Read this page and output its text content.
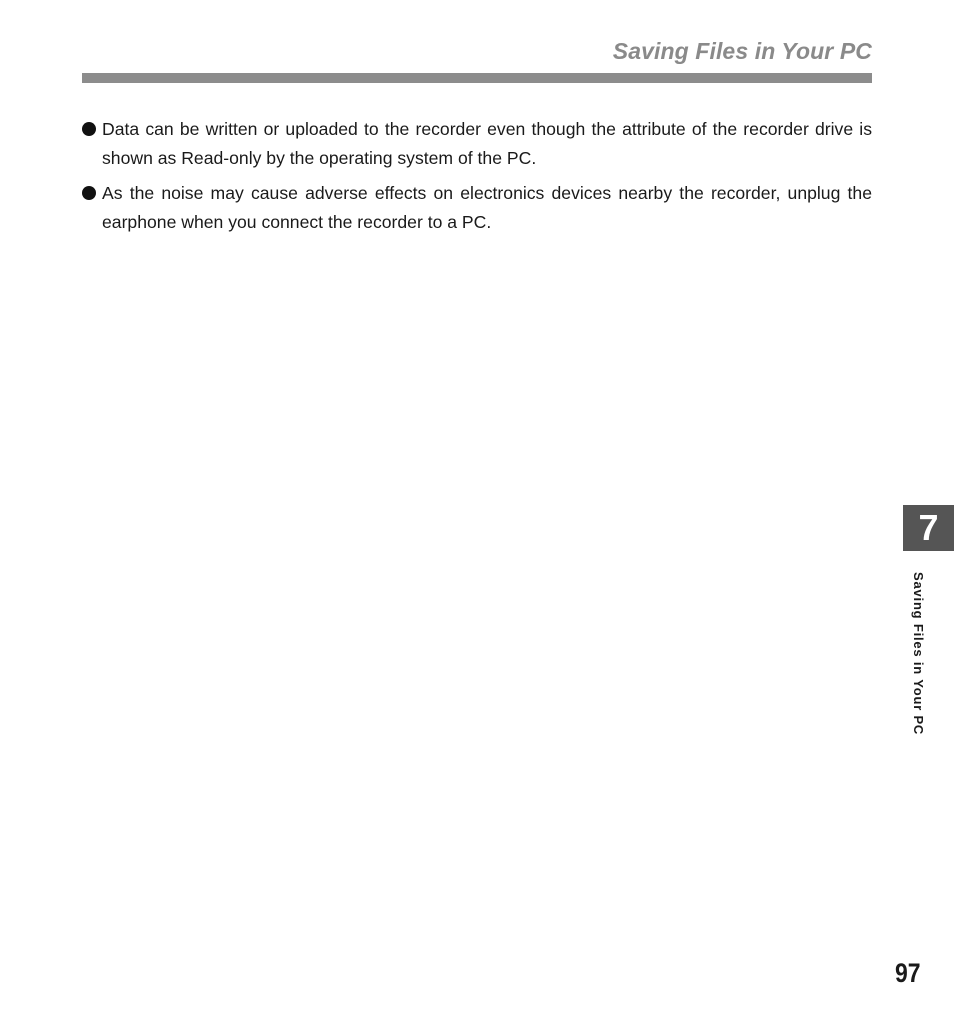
Saving Files in Your PC
Data can be written or uploaded to the recorder even though the attribute of the recorder drive is shown as Read-only by the operating system of the PC.
As the noise may cause adverse effects on electronics devices nearby the recorder, unplug the earphone when you connect the recorder to a PC.
7
Saving Files in Your PC
97
